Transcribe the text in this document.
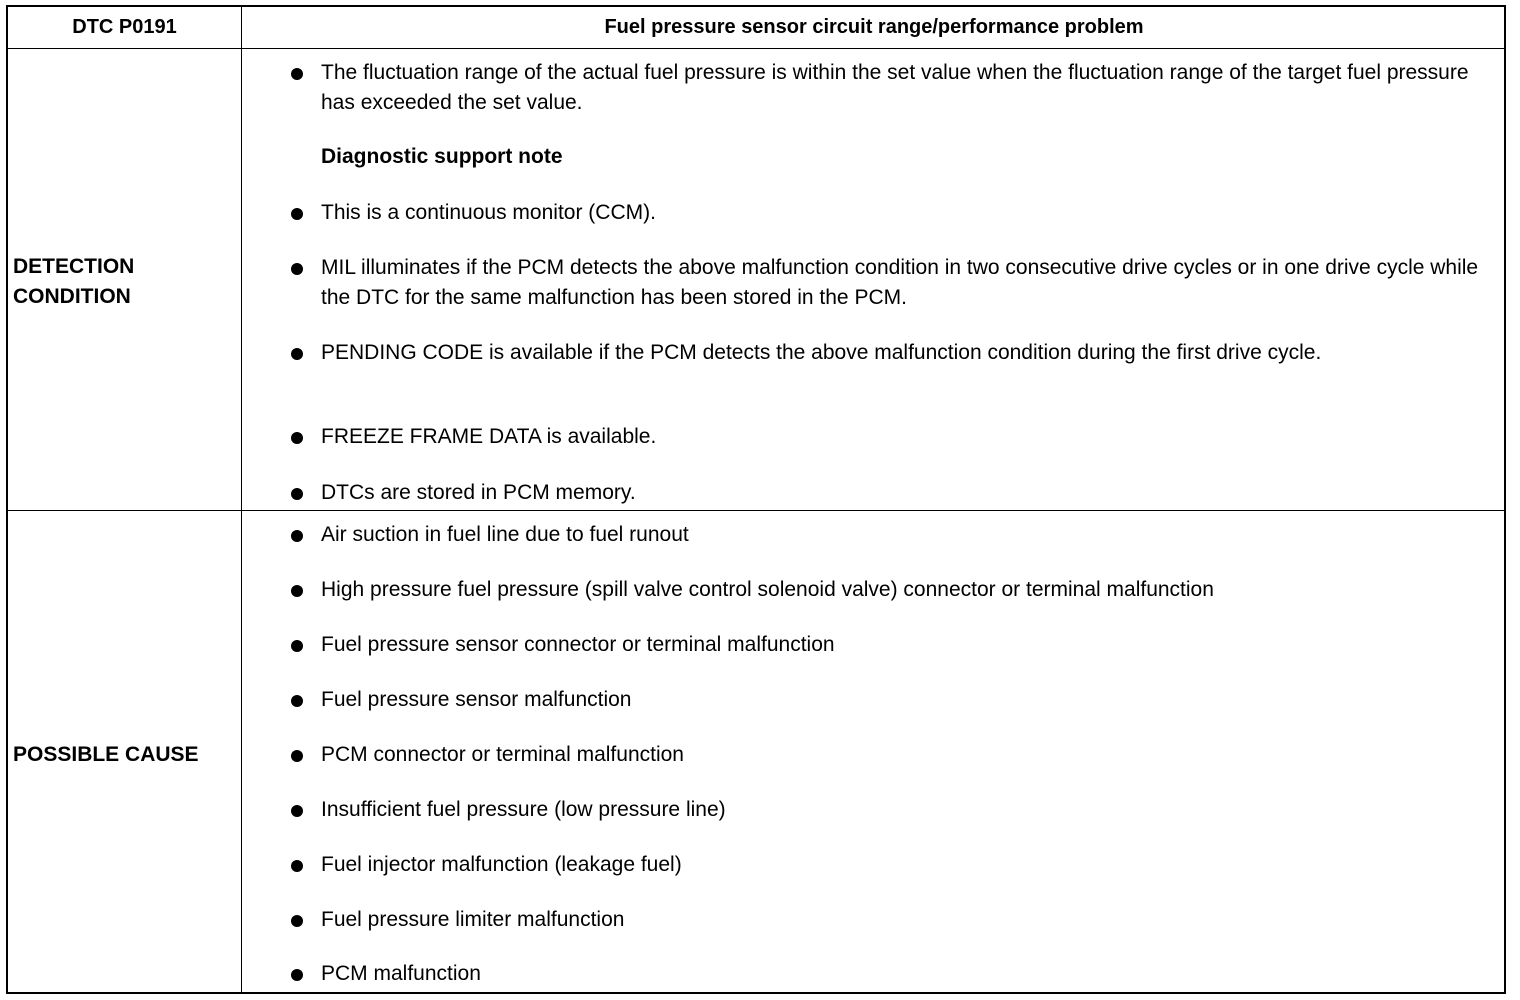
DTC P0191	Fuel pressure sensor circuit range/performance problem
DETECTION
CONDITION
The fluctuation range of the actual fuel pressure is within the set value when the fluctuation range of the target fuel pressure has exceeded the set value.
Diagnostic support note
This is a continuous monitor (CCM).
MIL illuminates if the PCM detects the above malfunction condition in two consecutive drive cycles or in one drive cycle while the DTC for the same malfunction has been stored in the PCM.
PENDING CODE is available if the PCM detects the above malfunction condition during the first drive cycle.
FREEZE FRAME DATA is available.
DTCs are stored in PCM memory.
POSSIBLE CAUSE
Air suction in fuel line due to fuel runout
High pressure fuel pressure (spill valve control solenoid valve) connector or terminal malfunction
Fuel pressure sensor connector or terminal malfunction
Fuel pressure sensor malfunction
PCM connector or terminal malfunction
Insufficient fuel pressure (low pressure line)
Fuel injector malfunction (leakage fuel)
Fuel pressure limiter malfunction
PCM malfunction
